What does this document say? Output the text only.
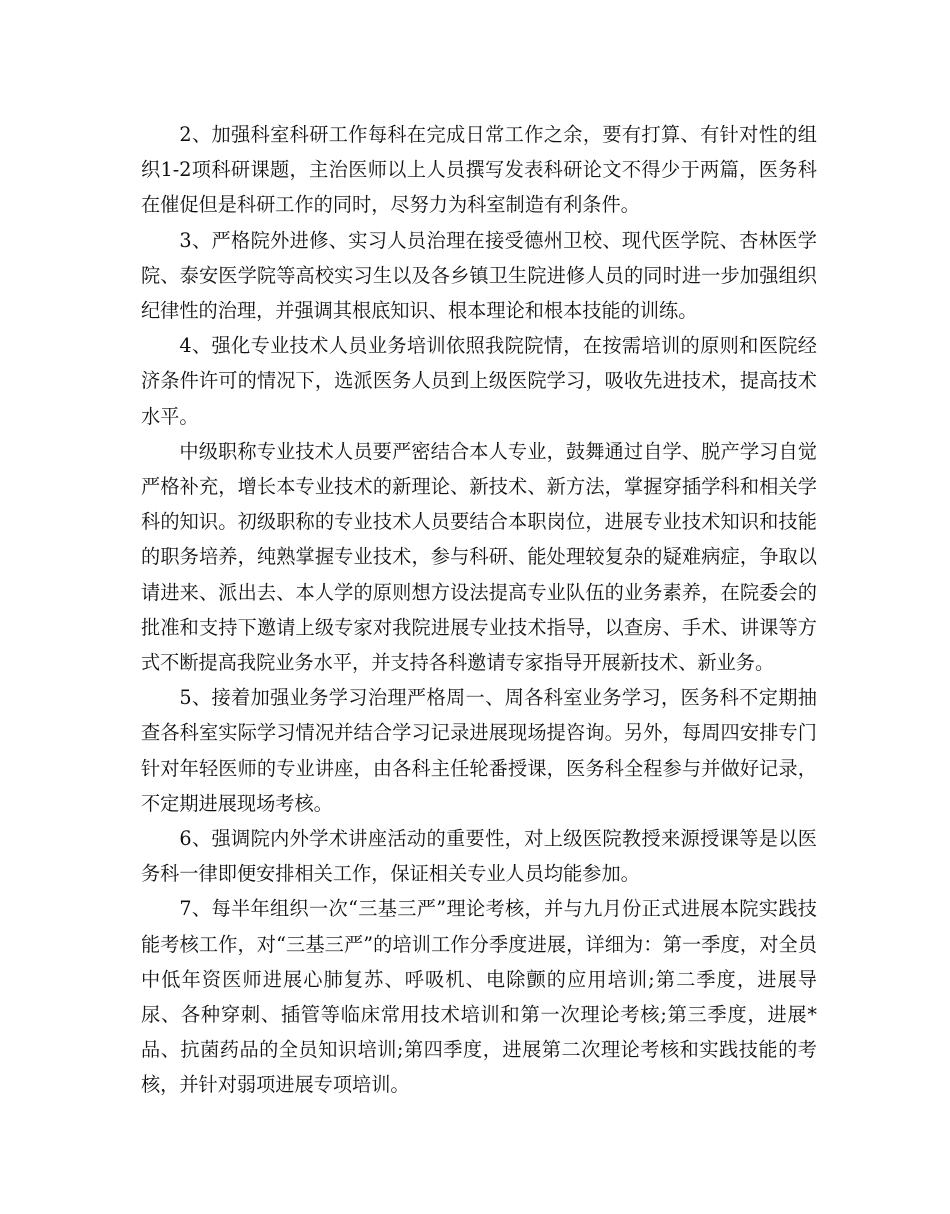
2、加强科室科研工作每科在完成日常工作之余，要有打算、有针对性的组织1-2项科研课题，主治医师以上人员撰写发表科研论文不得少于两篇，医务科在催促但是科研工作的同时，尽努力为科室制造有利条件。

3、严格院外进修、实习人员治理在接受德州卫校、现代医学院、杏林医学院、泰安医学院等高校实习生以及各乡镇卫生院进修人员的同时进一步加强组织纪律性的治理，并强调其根底知识、根本理论和根本技能的训练。

4、强化专业技术人员业务培训依照我院院情，在按需培训的原则和医院经济条件许可的情况下，选派医务人员到上级医院学习，吸收先进技术，提高技术水平。

中级职称专业技术人员要严密结合本人专业，鼓舞通过自学、脱产学习自觉严格补充，增长本专业技术的新理论、新技术、新方法，掌握穿插学科和相关学科的知识。初级职称的专业技术人员要结合本职岗位，进展专业技术知识和技能的职务培养，纯熟掌握专业技术，参与科研、能处理较复杂的疑难病症，争取以请进来、派出去、本人学的原则想方设法提高专业队伍的业务素养，在院委会的批准和支持下邀请上级专家对我院进展专业技术指导，以查房、手术、讲课等方式不断提高我院业务水平，并支持各科邀请专家指导开展新技术、新业务。

5、接着加强业务学习治理严格周一、周各科室业务学习，医务科不定期抽查各科室实际学习情况并结合学习记录进展现场提咨询。另外，每周四安排专门针对年轻医师的专业讲座，由各科主任轮番授课，医务科全程参与并做好记录，不定期进展现场考核。

6、强调院内外学术讲座活动的重要性，对上级医院教授来源授课等是以医务科一律即便安排相关工作，保证相关专业人员均能参加。

7、每半年组织一次“三基三严”理论考核，并与九月份正式进展本院实践技能考核工作，对“三基三严”的培训工作分季度进展，详细为：第一季度，对全员中低年资医师进展心肺复苏、呼吸机、电除颤的应用培训;第二季度，进展导尿、各种穿刺、插管等临床常用技术培训和第一次理论考核;第三季度，进展*品、抗菌药品的全员知识培训;第四季度，进展第二次理论考核和实践技能的考核，并针对弱项进展专项培训。
